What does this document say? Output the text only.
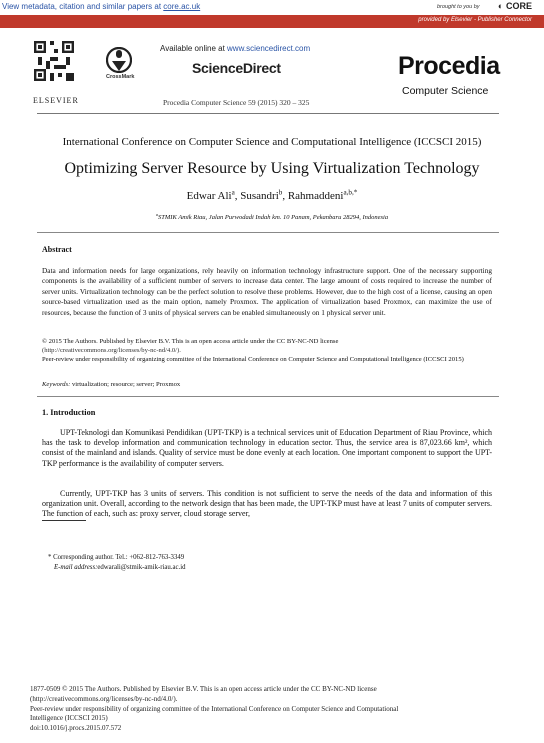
View metadata, citation and similar papers at core.ac.uk	brought to you by ◐ CORE
provided by Elsevier - Publisher Connector
ELSEVIER
CrossMark
Available online at www.sciencedirect.com
ScienceDirect
Procedia Computer Science 59 (2015) 320 – 325
Procedia
Computer Science
International Conference on Computer Science and Computational Intelligence (ICCSCI 2015)
Optimizing Server Resource by Using Virtualization Technology
Edwar Ali$^a$, Susandri$^b$, Rahmaddeni$^{a,b,*}$
$^a$STMIK Amik Riau, Jalan Purwodadi Indah km. 10 Panam, Pekanbaru 28294, Indonesia
Abstract
Data and information needs for large organizations, rely heavily on information technology infrastructure support. One of the necessary supporting components is the availability of a sufficient number of servers to increase data center. The large amount of costs required to increase the number of server units. Virtualization technology can be the perfect solution to resolve these problems. However, due to the high cost of a license, causing an open source-based virtualization used as the main option, namely Proxmox. The application of virtualization based Proxmox, can maximize the use of resources, because the function of 3 units of physical servers can be enabled simultaneously on 1 physical server unit.
© 2015 The Authors. Published by Elsevier B.V. This is an open access article under the CC BY-NC-ND license
(http://creativecommons.org/licenses/by-nc-nd/4.0/).
Peer-review under responsibility of organizing committee of the International Conference on Computer Science and Computational Intelligence (ICCSCI 2015)
Keywords: virtualization; resource; server; Proxmox
1. Introduction
UPT-Teknologi dan Komunikasi Pendidikan (UPT-TKP) is a technical services unit of Education Department of Riau Province, which has the task to develop information and communication technology in education sector. Thus, the service area is 87,023.66 km², which consist of the mainland and islands. Quality of service must be done evenly at each location. One important component to support the UPT-TKP performance is the availability of computer servers.
Currently, UPT-TKP has 3 units of servers. This condition is not sufficient to serve the needs of the data and information of this organization unit. Overall, according to the network design that has been made, the UPT-TKP must have at least 7 units of computer servers. The function of each, such as: proxy server, cloud storage server,
* Corresponding author. Tel.: +062-812-763-3349
E-mail address:edwarali@stmik-amik-riau.ac.id
1877-0509 © 2015 The Authors. Published by Elsevier B.V. This is an open access article under the CC BY-NC-ND license
(http://creativecommons.org/licenses/by-nc-nd/4.0/).
Peer-review under responsibility of organizing committee of the International Conference on Computer Science and Computational
Intelligence (ICCSCI 2015)
doi:10.1016/j.procs.2015.07.572
